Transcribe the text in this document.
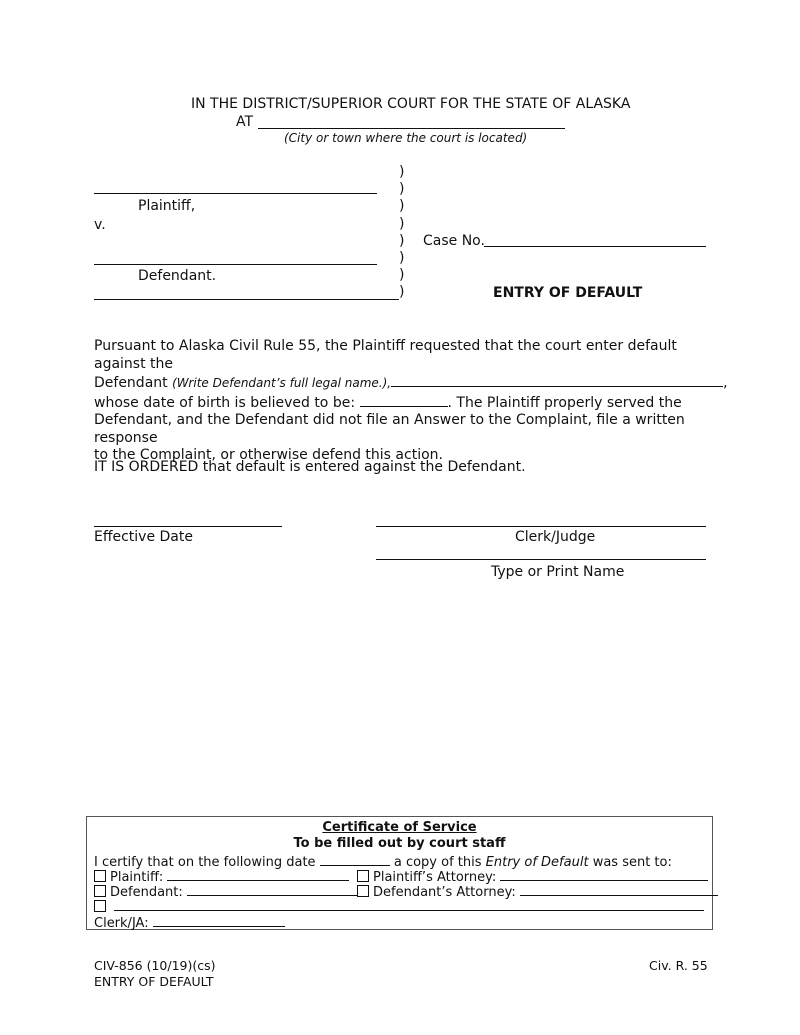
IN THE DISTRICT/SUPERIOR COURT FOR THE STATE OF ALASKA
AT
(City or town where the court is located)
Plaintiff,
v.
Defendant.
)
)
)
)
)
)
)
)
Case No.
ENTRY OF DEFAULT
Pursuant to Alaska Civil Rule 55, the Plaintiff requested that the court enter default against the
Defendant (Write Defendant’s full legal name.),	,
whose date of birth is believed to be:	. The Plaintiff properly served the
Defendant, and the Defendant did not file an Answer to the Complaint, file a written response
to the Complaint, or otherwise defend this action.
IT IS ORDERED that default is entered against the Defendant.
Effective Date	Clerk/Judge
Type or Print Name
Certificate of Service
To be filled out by court staff
I certify that on the following date	a copy of this Entry of Default was sent to:
Plaintiff:	Plaintiff’s Attorney:
Defendant:	Defendant’s Attorney:

Clerk/JA:
CIV-856 (10/19)(cs)
ENTRY OF DEFAULT
Civ. R. 55
